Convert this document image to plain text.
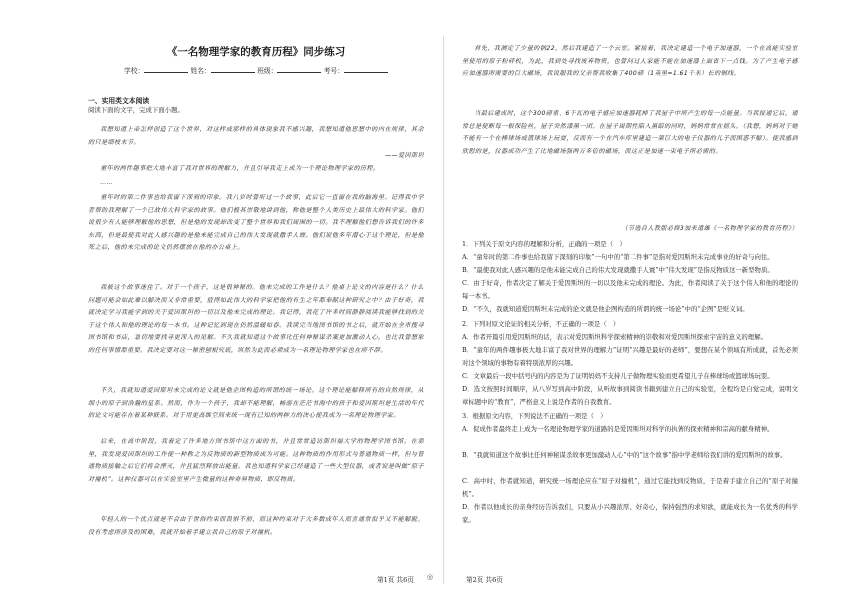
《一名物理学家的教育历程》同步练习
学校：	姓名：	班级：	考号：
一、实用类文本阅读

阅读下面的文字，完成下面小题。

我想知道上帝怎样创造了这个世界，对这样或那样的具体现象我不感兴趣，我想知道他思想中的内在规律，其余的只是细枝末节。

——爱因斯坦

童年的两件趣事把大地丰富了我对世界的理解力，并且引导我走上成为一个理论物理学家的历程。

……

童年时的第二件事也给我留下深刻的印象。我八岁时曾听过一个故事，此后它一直留在我的脑海里。记得我中学者帮助我理解了一个已故伟大科学家的故事。他们极其崇敬地讲到他，称他是整个人类历史上最伟大的科学家。他们说很少有人能够理解他的思想，但是他的发现却改变了整个世界和我们周围的一切。我不理解他们想告诉我们的许多东西，但是最使我对此人感兴趣的是他未能完成自己的伟大发现就撒手人寰。他们说他多年潜心于这个理论，但是他死之后，他的未完成的论文仍然摆放在他的办公桌上。

我被这个故事迷住了。对于一个孩子，这是很神秘的。他未完成的工作是什么？他桌上论文的内容是什么？什么问题可能会如此难以解决而又非常重要，值得如此伟大的科学家把他的有生之年都奉献这种研究之中？由于好奇，我就决定学习我能学到的关于爱因斯坦的一切以及他未完成的理论。我记得，我花了许多时间静静阅读我能够找到的关于这个伟人和他的理论的每一本书。这种记忆到现在仍然温暖如春。我读完当地图书馆的书之后，就开始在全市搜寻图书馆和书店，急切地要找寻更深入的见解。不久我就知道这个故事比任何神秘谋杀案更加激动人心，也比我曾想象的任何事情都重要。我决定要对这一秘密刨根究底，纵然为此而必须成为一名理论物理学家也在所不辞。

不久，我就知道爱因斯坦未完成的论文就是他企图构造的所谓的统一场论。这个理论能解释所有的自然规律，从细小的原子到浩瀚的星系。然而，作为一个孩子，我却不能理解，畅游在茫茫书海中的孩子和爱因斯坦是生活的年代的论文可能存在着某种联系。对于用更高维空间来统一现有已知的两种力的决心使我成为一名理论物理学家。

后来，在高中阶段，我着定了许多地方图书馆中这方面的书，并且常常造访斯坦福大学的物理学图书馆。在那里，我发现爱因斯坦的工作使一种称之为反物质的新型物质成为可能。这种物质的作用形式与普通物质一样，但与普通物质接触之后它们将会湮灭，并且猛烈释放出能量。我也知道科学家已经建造了一些大型仪器，或者说是叫做“原子对撞机”。这种仪器可以在实验室里产生微量的这种奇异物质，即反物质。

年轻人的一个优点就是不会由于世俗约束而畏惧不前，而这种约束对于大多数成年人而言通常似乎又不能解脱。没有考虑所涉及的困难，我就开始着手建立我自己的原子对撞机。

首先，我测定了少量的钠22，然后我建造了一个云室。紧接着，我决定建造一个电子加速器，一个在高能实验室里使用的原子粉碎机，为此，我到处寻找废弃物资，也曾问过人家能不能在加速器上面省下一点钱。为了产生电子感应加速器所需要的巨大磁场，我说服我的父亲帮我收集了400磅（1英里=1.61千米）长的铜线。

当最后建成时，这个300磅重、6千瓦的电子感应加速器耗掉了我屋子中所产生的每一点能量。当我接通它后，通常总是使断每一根保险丝，屋子突然漆黑一团。在屋子周期性陷入黑暗的同时，妈妈常常在摇头。（我想，妈妈对于她不能有一个在棒球场或篮球场上玩耍，反而有一个在汽车库里建造一架巨大的电子仪器的儿子而困惑不解）。使我感到欣慰的是，仪器成功产生了比地磁场强两万多倍的磁场，而这正是加速一束电子所必需的。

（节选自人教版必修3加来道雄《一名物理学家的教育历程》）

1．下列关于原文内容的理解和分析，正确的一项是（　）

A．“童年时的第二件事也给我留下深刻的印象”一句中的“第二件事”是指对爱因斯坦未完成事业的好奇与向往。

B．“最使我对此人感兴趣的是他未能完成自己的伟大发现就撒手人寰”中“伟大发现”是指反物质这一新型物质。

C．由于好奇，作者决定了解关于爱因斯坦的一切以及他未完成的理论。为此，作者阅读了关于这个伟人和他的理论的每一本书。

D．“不久，我就知道爱因斯坦未完成的论文就是他企图构造的所谓的统一场论”中的“企图”是贬义词。

2．下列对原文论证的相关分析，不正确的一项是（　）

A．作者开篇引用爱因斯坦的话，表示对爱因斯坦科学探索精神的崇敬和对爱因斯坦探索宇宙的意义的理解。

B．“童年的两件趣事极大地丰富了我对世界的理解力”证明“兴趣是最好的老师”，要想在某个领域有所成就，首先必须对这个领域的事物有着特别浓厚的兴趣。

C．文章最后一段中括号内的内容是为了证明妈妈不支持儿子做物理实验而更希望儿子在棒球场或篮球场玩耍。

D．选文按照时间顺序，从八岁写到高中阶段，从听故事到阅读书籍到建立自己的实验室，全程均是自觉完成，说明文章标题中的“教育”，严格意义上说是作者的自我教育。

3．根据原文内容，下列说法不正确的一项是（　）

A．促成作者最终走上成为一名理论物理学家的道路的是爱因斯坦对科学的执著的探索精神和宗高的献身精神。

B．“我就知道这个故事比任何神秘谋杀故事更加激动人心”中的“这个故事”指中学老师给我们讲的爱因斯坦的故事。

C．高中时，作者就知道，研究统一场理论应在“原子对撞机”，通过它能找到反物质，于是着手建立自己的“原子对撞机”。

D．作者以他成长的亲身经历告诉我们，只要从小兴趣浓厚、好奇心，保持强烈的求知欲，就能成长为一名优秀的科学家。

第1页 共6页 ◎	第2页 共6页
